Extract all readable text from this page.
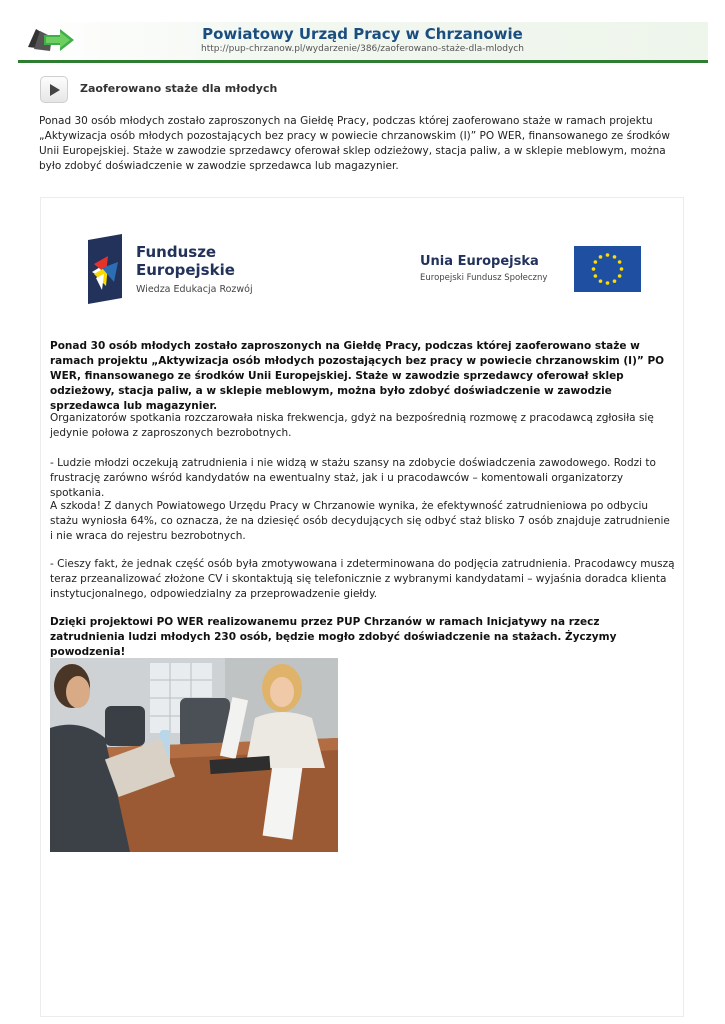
Powiatowy Urząd Pracy w Chrzanowie
http://pup-chrzanow.pl/wydarzenie/386/zaoferowano-staże-dla-mlodych
Zaoferowano staże dla młodych

Ponad 30 osób młodych zostało zaproszonych na Giełdę Pracy, podczas której zaoferowano staże w ramach projektu „Aktywizacja osób młodych pozostających bez pracy w powiecie chrzanowskim (I)” PO WER, finansowanego ze środków Unii Europejskiej. Staże w zawodzie sprzedawcy oferował sklep odzieżowy, stacja paliw, a w sklepie meblowym, można było zdobyć doświadczenie w zawodzie sprzedawca lub magazynier.

Fundusze
Europejskie
Wiedza Edukacja Rozwój
Unia Europejska
Europejski Fundusz Społeczny

Ponad 30 osób młodych zostało zaproszonych na Giełdę Pracy, podczas której zaoferowano staże w ramach projektu „Aktywizacja osób młodych pozostających bez pracy w powiecie chrzanowskim (I)” PO WER, finansowanego ze środków Unii Europejskiej. Staże w zawodzie sprzedawcy oferował sklep odzieżowy, stacja paliw, a w sklepie meblowym, można było zdobyć doświadczenie w zawodzie sprzedawca lub magazynier.

Organizatorów spotkania rozczarowała niska frekwencja, gdyż na bezpośrednią rozmowę z pracodawcą zgłosiła się jedynie połowa z zaproszonych bezrobotnych.

- Ludzie młodzi oczekują zatrudnienia i nie widzą w stażu szansy na zdobycie doświadczenia zawodowego. Rodzi to frustrację zarówno wśród kandydatów na ewentualny staż, jak i u pracodawców – komentowali organizatorzy spotkania.

A szkoda! Z danych Powiatowego Urzędu Pracy w Chrzanowie wynika, że efektywność zatrudnieniowa po odbyciu stażu wyniosła 64%, co oznacza, że na dziesięć osób decydujących się odbyć staż blisko 7 osób znajduje zatrudnienie i nie wraca do rejestru bezrobotnych.

- Cieszy fakt, że jednak część osób była zmotywowana i zdeterminowana do podjęcia zatrudnienia. Pracodawcy muszą teraz przeanalizować złożone CV i skontaktują się telefonicznie z wybranymi kandydatami – wyjaśnia doradca klienta instytucjonalnego, odpowiedzialny za przeprowadzenie giełdy.

Dzięki projektowi PO WER realizowanemu przez PUP Chrzanów w ramach Inicjatywy na rzecz zatrudnienia ludzi młodych 230 osób, będzie mogło zdobyć doświadczenie na stażach. Życzymy powodzenia!
